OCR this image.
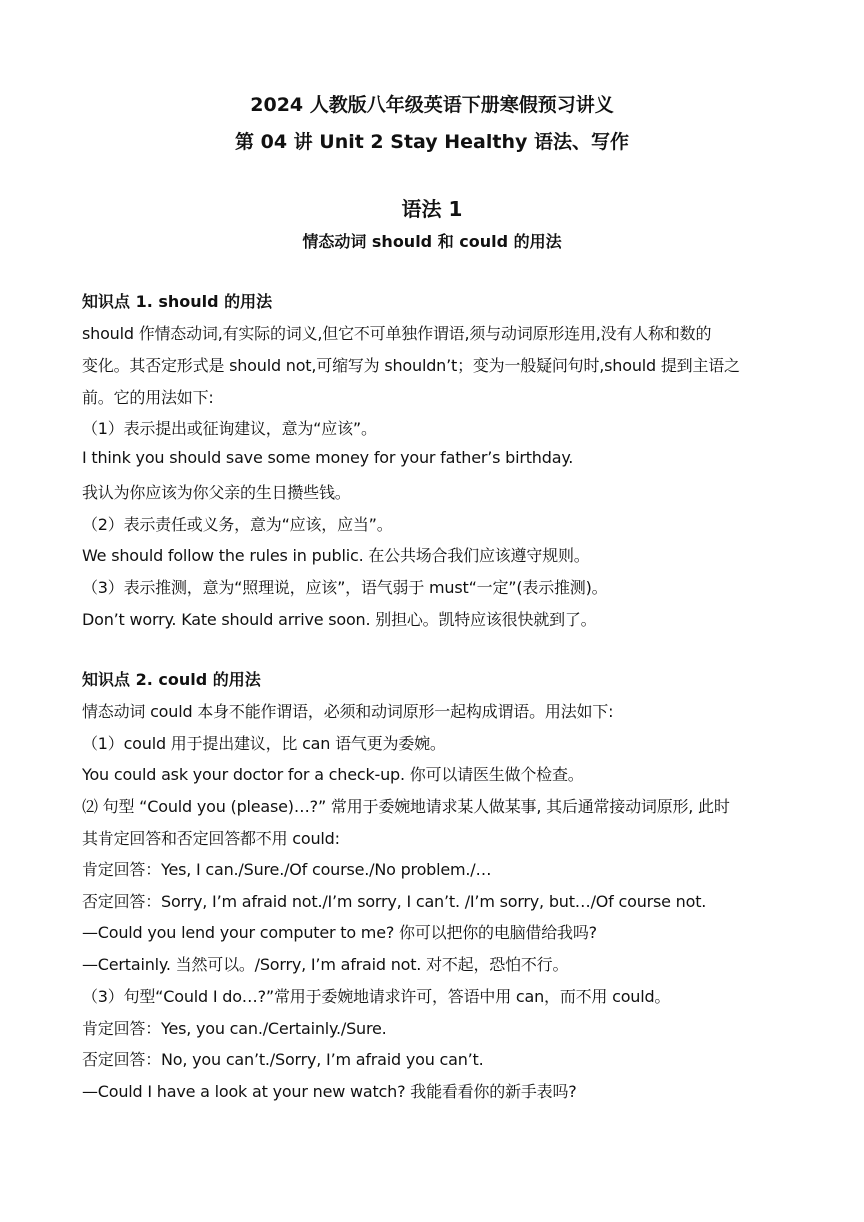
2024 人教版八年级英语下册寒假预习讲义
第 04 讲 Unit 2 Stay Healthy 语法、写作
语法 1
情态动词 should 和 could 的用法
知识点 1. should 的用法
should 作情态动词,有实际的词义,但它不可单独作谓语,须与动词原形连用,没有人称和数的
变化。其否定形式是 should not,可缩写为 shouldn’t；变为一般疑问句时,should 提到主语之
前。它的用法如下:
（1）表示提出或征询建议，意为“应该”。
I think you should save some money for your father’s birthday.
我认为你应该为你父亲的生日攒些钱。
（2）表示责任或义务，意为“应该，应当”。
We should follow the rules in public. 在公共场合我们应该遵守规则。
（3）表示推测，意为“照理说，应该”，语气弱于 must“一定”(表示推测)。
Don’t worry. Kate should arrive soon. 别担心。凯特应该很快就到了。
知识点 2. could 的用法
情态动词 could 本身不能作谓语，必须和动词原形一起构成谓语。用法如下:
（1）could 用于提出建议，比 can 语气更为委婉。
You could ask your doctor for a check-up. 你可以请医生做个检查。
⑵ 句型 “Could you (please)…?” 常用于委婉地请求某人做某事, 其后通常接动词原形, 此时
其肯定回答和否定回答都不用 could:
肯定回答：Yes, I can./Sure./Of course./No problem./…
否定回答：Sorry, I’m afraid not./I’m sorry, I can’t. /I’m sorry, but…/Of course not.
—Could you lend your computer to me? 你可以把你的电脑借给我吗?
—Certainly. 当然可以。/Sorry, I’m afraid not. 对不起，恐怕不行。
（3）句型“Could I do…?”常用于委婉地请求许可，答语中用 can，而不用 could。
肯定回答：Yes, you can./Certainly./Sure.
否定回答：No, you can’t./Sorry, I’m afraid you can’t.
—Could I have a look at your new watch? 我能看看你的新手表吗?
